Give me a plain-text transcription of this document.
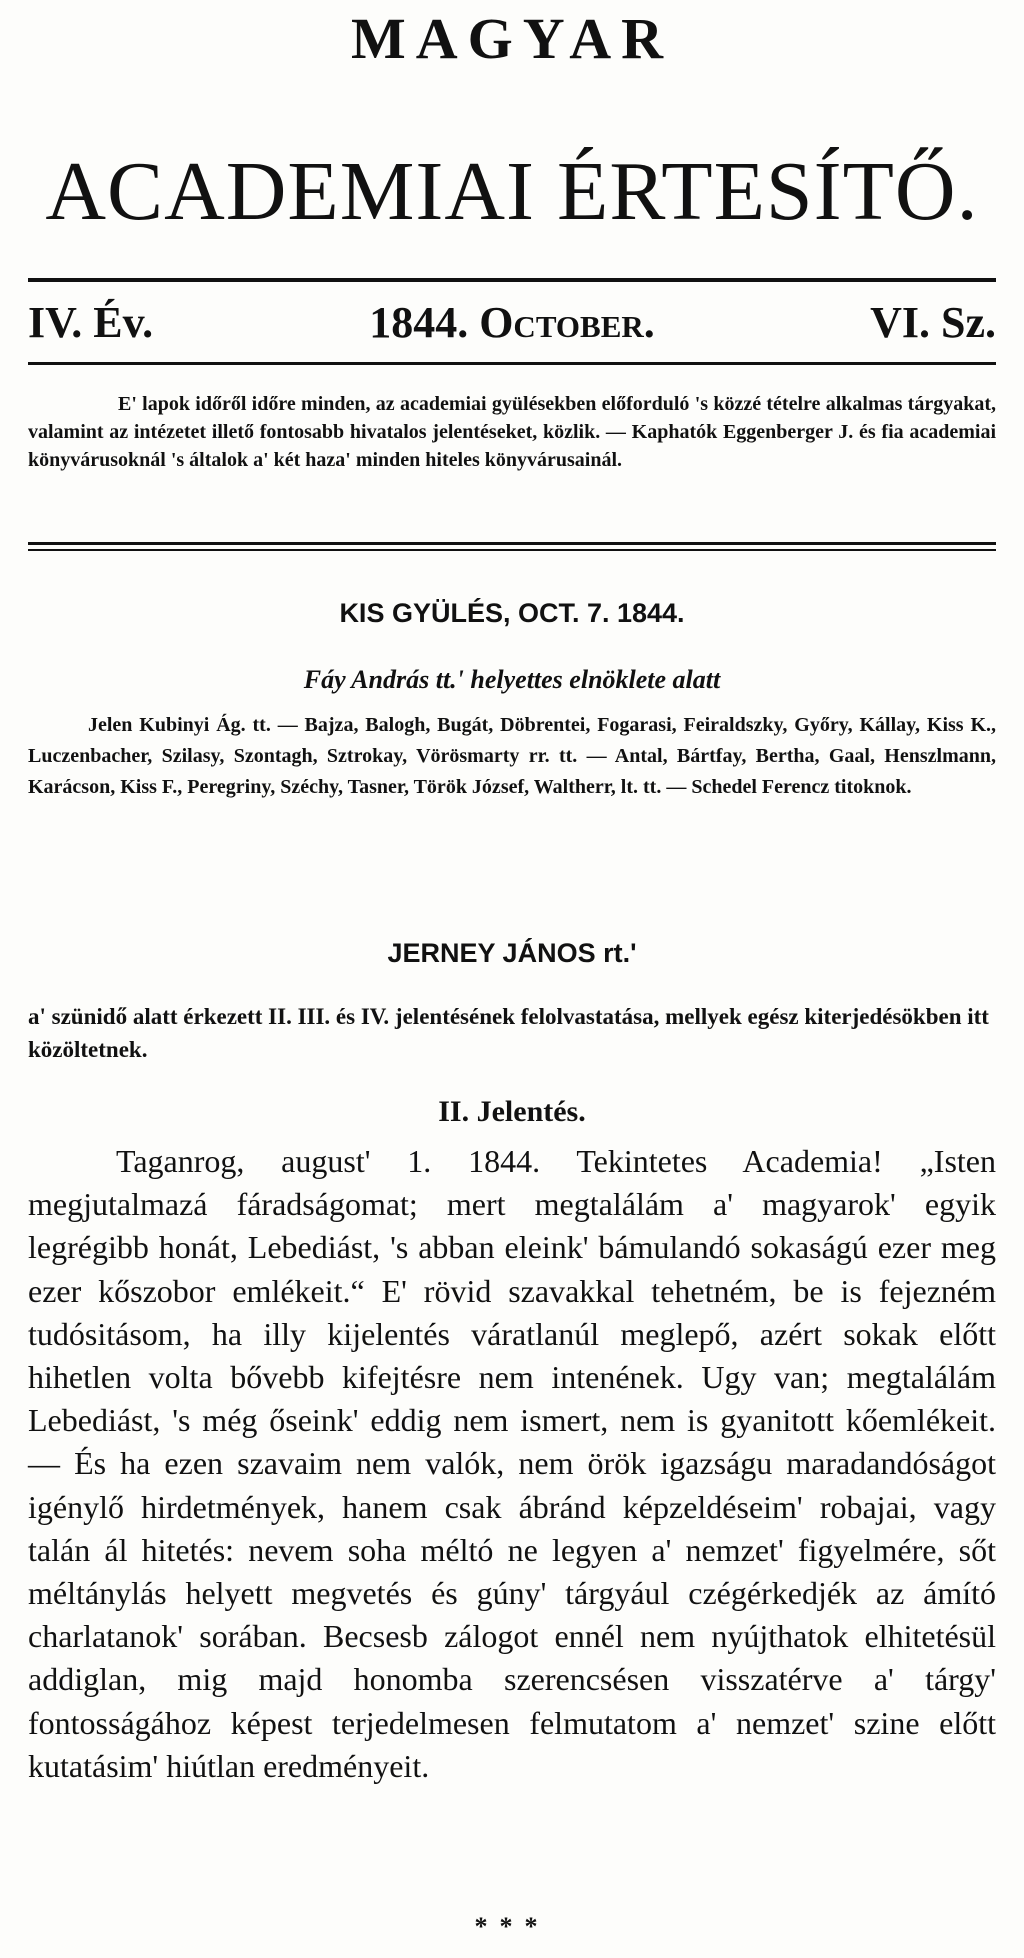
MAGYAR
ACADEMIAI ÉRTESÍTŐ.
IV. Év.	1844. October.	VI. Sz.
E' lapok időről időre minden, az academiai gyülésekben előforduló 's közzé tételre alkalmas tárgyakat, valamint az intézetet illető fontosabb hivatalos jelentéseket, közlik. — Kaphatók Eggenberger J. és fia academiai könyvárusoknál 's általok a' két haza' minden hiteles könyvárusainál.
KIS GYÜLÉS, OCT. 7. 1844.
Fáy András tt.' helyettes elnöklete alatt
Jelen Kubinyi Ág. tt. — Bajza, Balogh, Bugát, Döbrentei, Fogarasi, Feiraldszky, Győry, Kállay, Kiss K., Luczenbacher, Szilasy, Szontagh, Sztrokay, Vörösmarty rr. tt. — Antal, Bártfay, Bertha, Gaal, Henszlmann, Karácson, Kiss F., Peregriny, Széchy, Tasner, Török József, Waltherr, lt. tt. — Schedel Ferencz titoknok.
JERNEY JÁNOS rt.'
a' szünidő alatt érkezett II. III. és IV. jelentésének felolvastatása, mellyek egész kiterjedésökben itt közöltetnek.
II. Jelentés.
Taganrog, august' 1. 1844. Tekintetes Academia! „Isten megjutalmazá fáradságomat; mert megtalálám a' magyarok' egyik legrégibb honát, Lebediást, 's abban eleink' bámulandó sokaságú ezer meg ezer kőszobor emlékeit.“ E' rövid szavakkal tehetném, be is fejezném tudósitásom, ha illy kijelentés váratlanúl meglepő, azért sokak előtt hihetlen volta bővebb kifejtésre nem intenének. Ugy van; megtalálám Lebediást, 's még őseink' eddig nem ismert, nem is gyanitott kőemlékeit. — És ha ezen szavaim nem valók, nem örök igazságu maradandóságot igénylő hirdetmények, hanem csak ábránd képzeldéseim' robajai, vagy talán ál hitetés: nevem soha méltó ne legyen a' nemzet' figyelmére, sőt méltánylás helyett megvetés és gúny' tárgyául czégérkedjék az ámító charlatanok' sorában. Becsesb zálogot ennél nem nyújthatok elhitetésül addiglan, mig majd honomba szerencsésen visszatérve a' tárgy' fontosságához képest terjedelmesen felmutatom a' nemzet' szine előtt kutatásim' hiútlan eredményeit.
***
